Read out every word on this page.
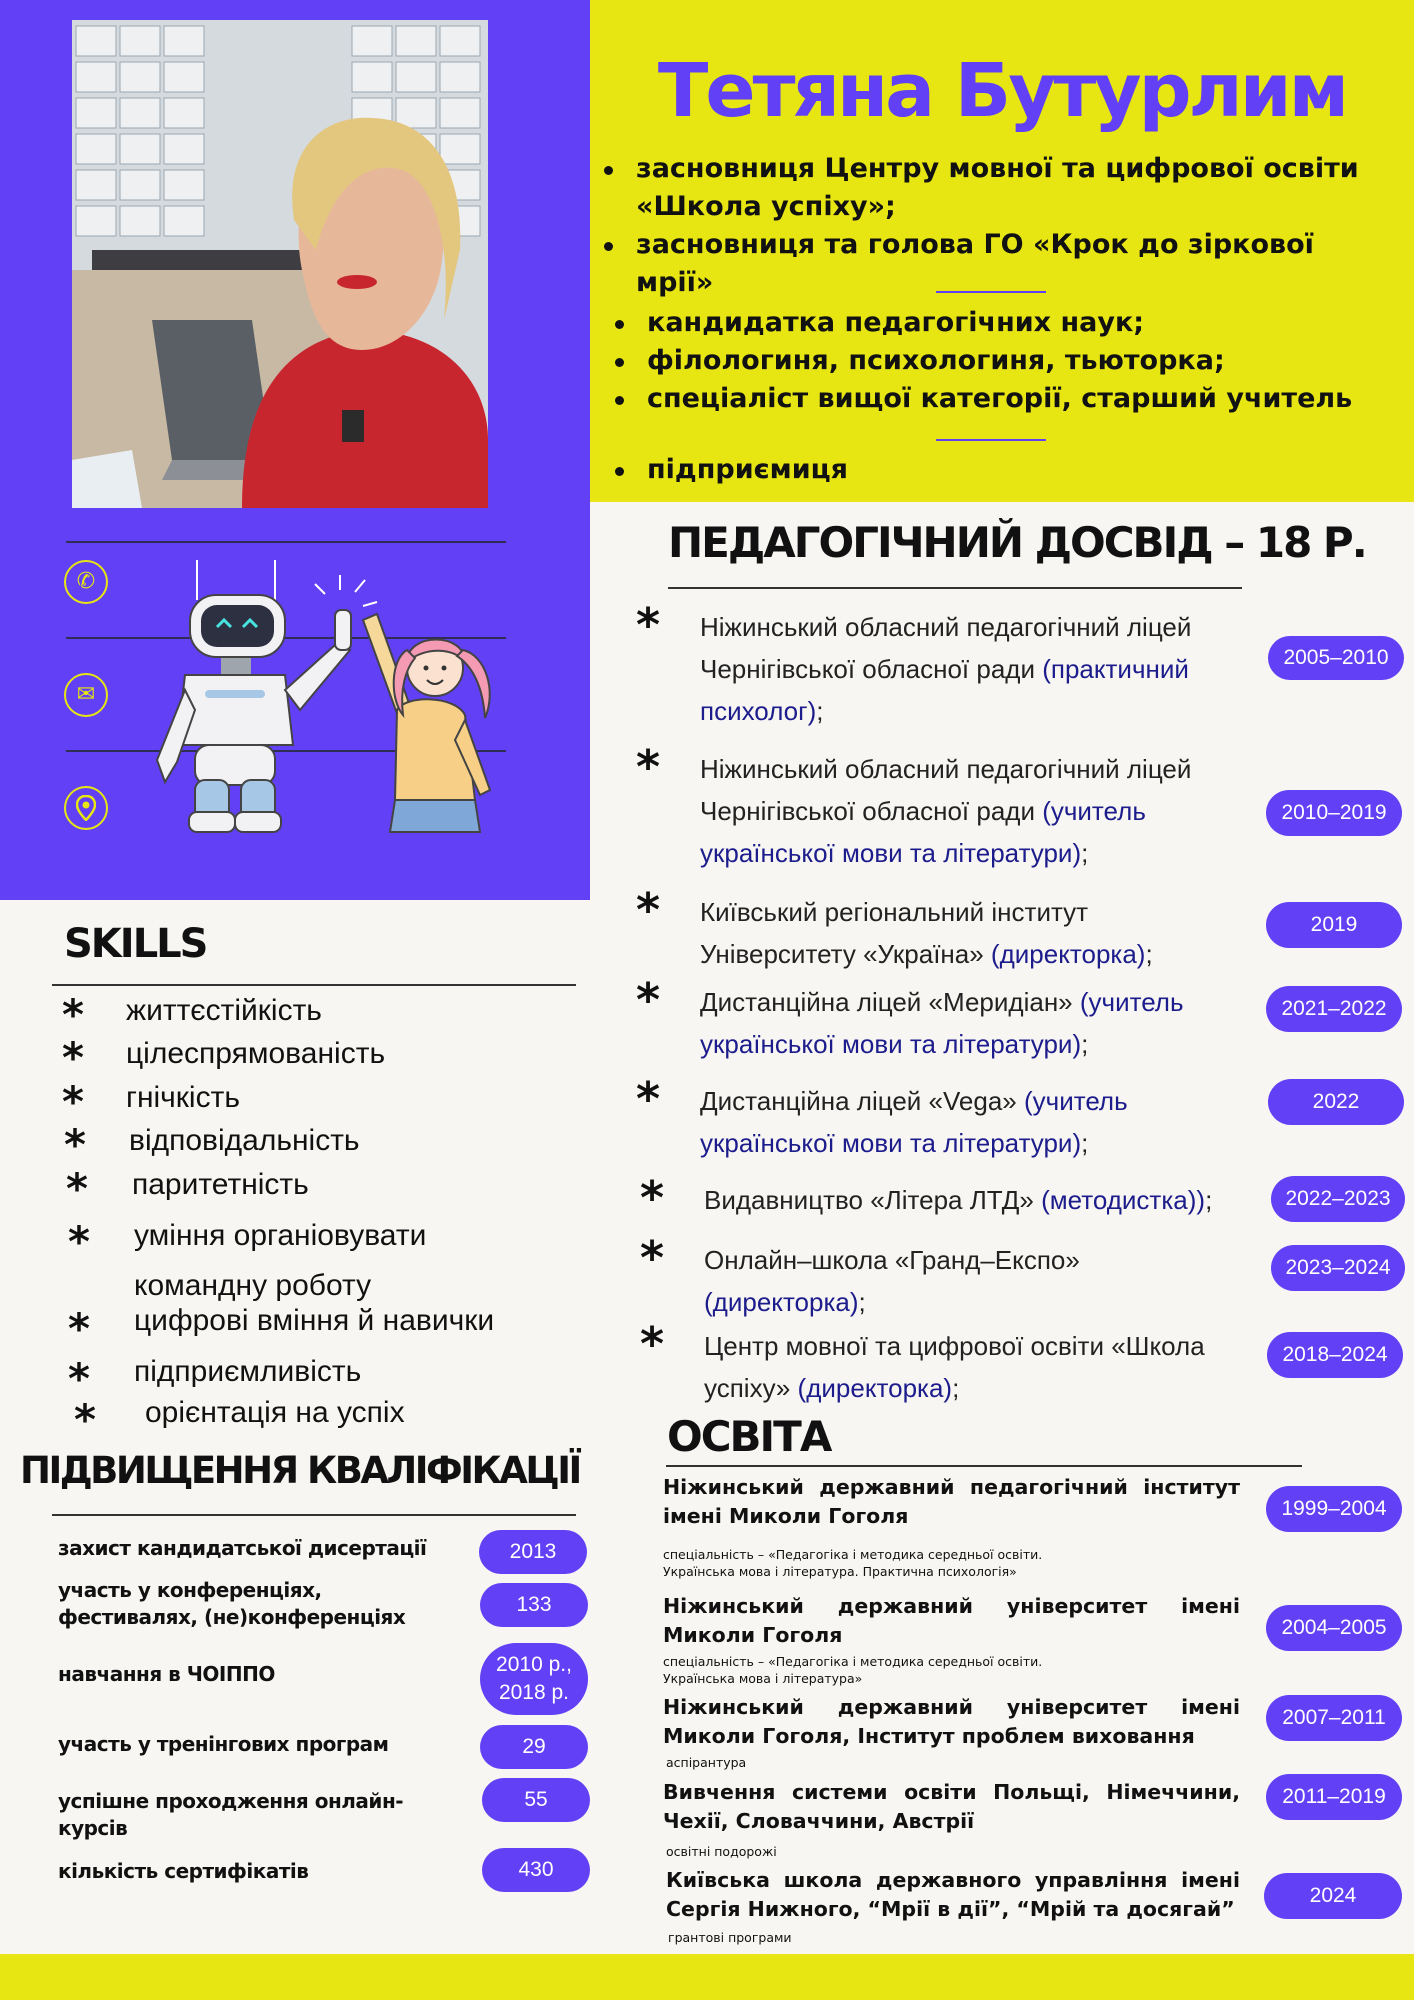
✆
✉
Тетяна Бутурлим
засновниця Центру мовної та цифрової освіти «Школа успіху»;
засновниця та голова ГО «Крок до зіркової мрії»
кандидатка педагогічних наук;
філологиня, психологиня, тьюторка;
спеціаліст вищої категорії, старший учитель
підприємиця
ПЕДАГОГІЧНИЙ ДОСВІД – 18 Р.
* Ніжинський обласний педагогічний ліцей Чернігівської обласної ради (практичний психолог);
* Ніжинський обласний педагогічний ліцей Чернігівської обласної ради (учитель української мови та літератури);
* Київський регіональний інститут Університету «Україна» (директорка);
* Дистанційна ліцей «Меридіан» (учитель української мови та літератури);
* Дистанційна ліцей «Vega» (учитель української мови та літератури);
* Видавництво «Літера ЛТД» (методистка));
* Онлайн–школа «Гранд–Експо» (директорка);
* Центр мовної та цифрової освіти «Школа успіху» (директорка);
2005–2010
2010–2019
2019
2021–2022
2022
2022–2023
2023–2024
2018–2024
SKILLS
* життєстійкість
* цілеспрямованість
* гнічкість
* відповідальність
* паритетність
* уміння органіовувати
командну роботу
* цифрові вміння й навички
* підприємливість
* орієнтація на успіх
ПІДВИЩЕННЯ КВАЛІФІКАЦІЇ
захист кандидатської дисертації
участь у конференціях, фестивалях, (не)конференціях
навчання в ЧОІППО
участь у тренінгових програм
успішне проходження онлайн-курсів
кількість сертифікатів
2013
133
2010 р., 2018 р.
29
55
430
ОСВІТА
Ніжинський державний педагогічний інститут імені Миколи Гоголя
спеціальність – «Педагогіка і методика середньої освіти. Українська мова і література. Практична психологія»
Ніжинський державний університет імені Миколи Гоголя
спеціальність – «Педагогіка і методика середньої освіти. Українська мова і література»
Ніжинський державний університет імені Миколи Гоголя, Інститут проблем виховання
аспірантура
Вивчення системи освіти Польщі, Німеччини, Чехії, Словаччини, Австрії
освітні подорожі
Київська школа державного управління імені Сергія Нижного, “Мрії в дії”, “Мрій та досягай”
грантові програми
1999–2004
2004–2005
2007–2011
2011–2019
2024
